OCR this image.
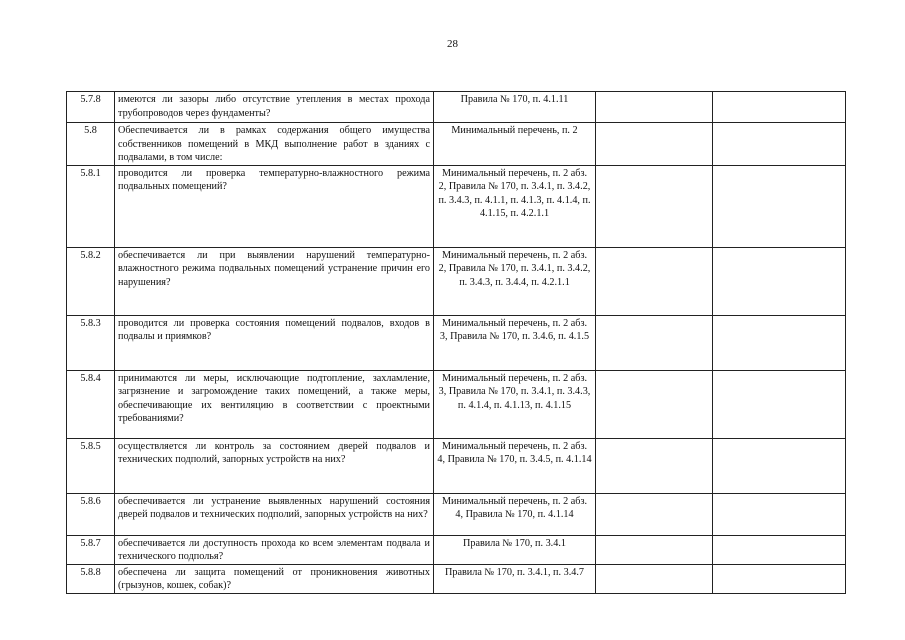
28
5.7.8	имеются ли зазоры либо отсутствие утепления в местах прохода трубопроводов через фундаменты?	Правила № 170, п. 4.1.11		
5.8	Обеспечивается ли в рамках содержания общего имущества собственников помещений в МКД выполнение работ в зданиях с подвалами, в том числе:	Минимальный перечень, п. 2		
5.8.1	проводится ли проверка температурно-влажностного режима подвальных помещений?	Минимальный перечень, п. 2 абз. 2, Правила № 170, п. 3.4.1, п. 3.4.2, п. 3.4.3, п. 4.1.1, п. 4.1.3, п. 4.1.4, п. 4.1.15, п. 4.2.1.1		
5.8.2	обеспечивается ли при выявлении нарушений температурно-влажностного режима подвальных помещений устранение причин его нарушения?	Минимальный перечень, п. 2 абз. 2, Правила № 170, п. 3.4.1, п. 3.4.2, п. 3.4.3, п. 3.4.4, п. 4.2.1.1		
5.8.3	проводится ли проверка состояния помещений подвалов, входов в подвалы и приямков?	Минимальный перечень, п. 2 абз. 3, Правила № 170, п. 3.4.6, п. 4.1.5		
5.8.4	принимаются ли меры, исключающие подтопление, захламление, загрязнение и загромождение таких помещений, а также меры, обеспечивающие их вентиляцию в соответствии с проектными требованиями?	Минимальный перечень, п. 2 абз. 3, Правила № 170, п. 3.4.1, п. 3.4.3, п. 4.1.4, п. 4.1.13, п. 4.1.15		
5.8.5	осуществляется ли контроль за состоянием дверей подвалов и технических подполий, запорных устройств на них?	Минимальный перечень, п. 2 абз. 4, Правила № 170, п. 3.4.5, п. 4.1.14		
5.8.6	обеспечивается ли устранение выявленных нарушений состояния дверей подвалов и технических подполий, запорных устройств на них?	Минимальный перечень, п. 2 абз. 4, Правила № 170, п. 4.1.14		
5.8.7	обеспечивается ли доступность прохода ко всем элементам подвала и технического подполья?	Правила № 170, п. 3.4.1		
5.8.8	обеспечена ли защита помещений от проникновения животных (грызунов, кошек, собак)?	Правила № 170, п. 3.4.1, п. 3.4.7		
